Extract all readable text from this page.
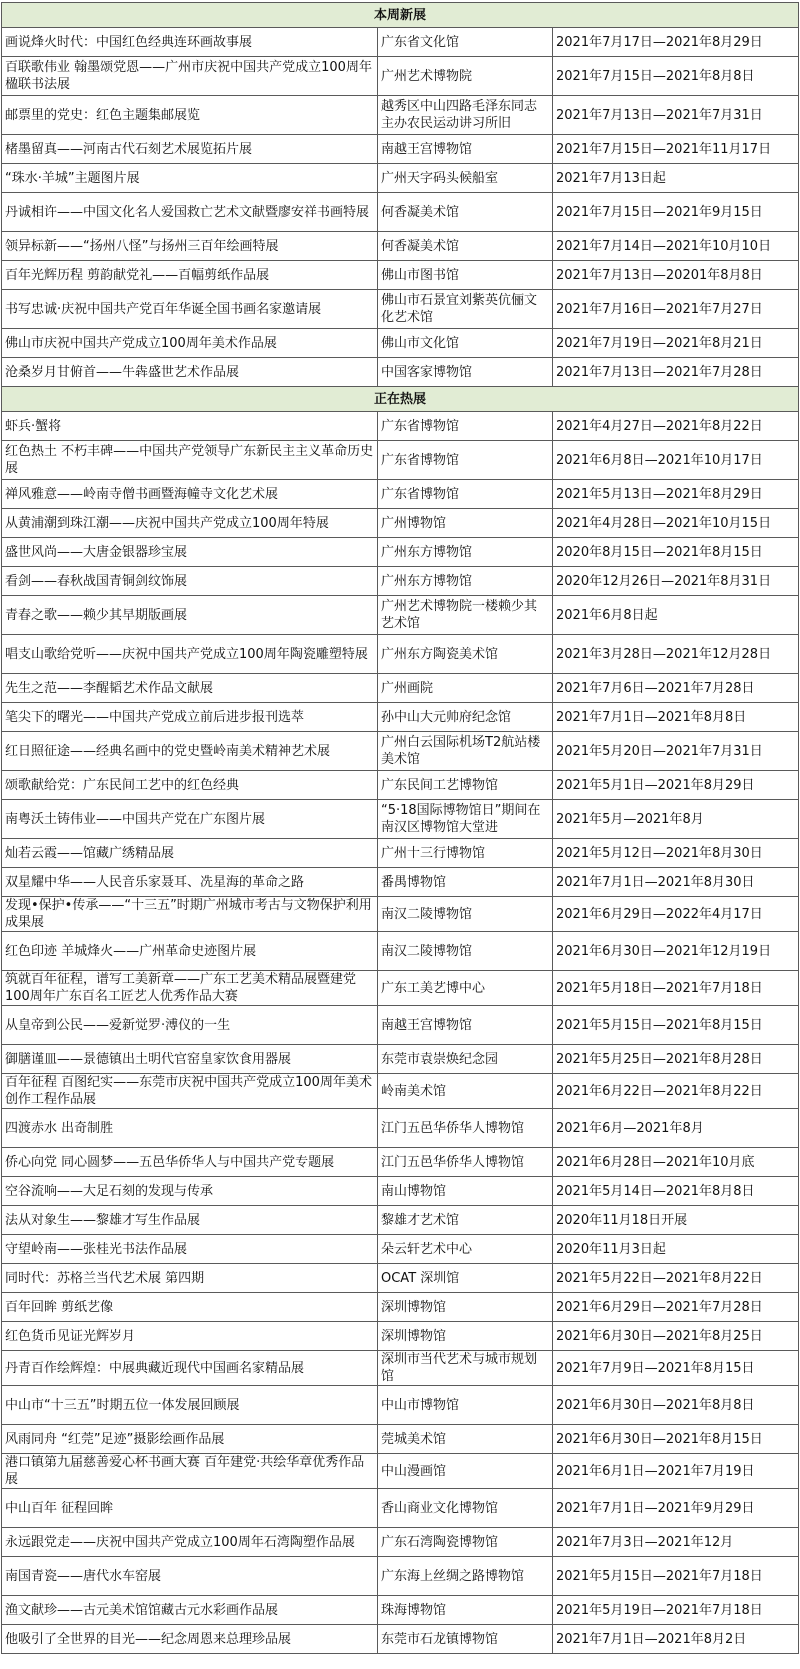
本周新展		
画说烽火时代：中国红色经典连环画故事展	广东省文化馆	2021年7月17日—2021年8月29日
百联歌伟业 翰墨颂党恩——广州市庆祝中国共产党成立100周年楹联书法展	广州艺术博物院	2021年7月15日—2021年8月8日
邮票里的党史：红色主题集邮展览	越秀区中山四路毛泽东同志主办农民运动讲习所旧	2021年7月13日—2021年7月31日
楮墨留真——河南古代石刻艺术展览拓片展	南越王宫博物馆	2021年7月15日—2021年11月17日
“珠水·羊城”主题图片展	广州天字码头候船室	2021年7月13日起
丹诚相许——中国文化名人爱国救亡艺术文献暨廖安祥书画特展	何香凝美术馆	2021年7月15日—2021年9月15日
领异标新——“扬州八怪”与扬州三百年绘画特展	何香凝美术馆	2021年7月14日—2021年10月10日
百年光辉历程 剪韵献党礼——百幅剪纸作品展	佛山市图书馆	2021年7月13日—20201年8月8日
书写忠诚·庆祝中国共产党百年华诞全国书画名家邀请展	佛山市石景宜刘紫英伉俪文化艺术馆	2021年7月16日—2021年7月27日
佛山市庆祝中国共产党成立100周年美术作品展	佛山市文化馆	2021年7月19日—2021年8月21日
沧桑岁月甘俯首——牛犇盛世艺术作品展	中国客家博物馆	2021年7月13日—2021年7月28日
正在热展		
虾兵·蟹将	广东省博物馆	2021年4月27日—2021年8月22日
红色热土 不朽丰碑——中国共产党领导广东新民主主义革命历史展	广东省博物馆	2021年6月8日—2021年10月17日
禅风雅意——岭南寺僧书画暨海幢寺文化艺术展	广东省博物馆	2021年5月13日—2021年8月29日
从黄浦潮到珠江潮——庆祝中国共产党成立100周年特展	广州博物馆	2021年4月28日—2021年10月15日
盛世风尚——大唐金银器珍宝展	广州东方博物馆	2020年8月15日—2021年8月15日
看剑——春秋战国青铜剑纹饰展	广州东方博物馆	2020年12月26日—2021年8月31日
青春之歌——赖少其早期版画展	广州艺术博物院一楼赖少其艺术馆	2021年6月8日起
唱支山歌给党听——庆祝中国共产党成立100周年陶瓷雕塑特展	广州东方陶瓷美术馆	2021年3月28日—2021年12月28日
先生之范——李醒韬艺术作品文献展	广州画院	2021年7月6日—2021年7月28日
笔尖下的曙光——中国共产党成立前后进步报刊选萃	孙中山大元帅府纪念馆	2021年7月1日—2021年8月8日
红日照征途——经典名画中的党史暨岭南美术精神艺术展	广州白云国际机场T2航站楼美术馆	2021年5月20日—2021年7月31日
颂歌献给党：广东民间工艺中的红色经典	广东民间工艺博物馆	2021年5月1日—2021年8月29日
南粤沃土铸伟业——中国共产党在广东图片展	“5·18国际博物馆日”期间在南汉区博物馆大堂进	2021年5月—2021年8月
灿若云霞——馆藏广绣精品展	广州十三行博物馆	2021年5月12日—2021年8月30日
双星耀中华——人民音乐家聂耳、冼星海的革命之路	番禺博物馆	2021年7月1日—2021年8月30日
发现•保护•传承——“十三五”时期广州城市考古与文物保护利用成果展	南汉二陵博物馆	2021年6月29日—2022年4月17日
红色印迹 羊城烽火——广州革命史迹图片展	南汉二陵博物馆	2021年6月30日—2021年12月19日
筑就百年征程，谱写工美新章——广东工艺美术精品展暨建党100周年广东百名工匠艺人优秀作品大赛	广东工美艺博中心	2021年5月18日—2021年7月18日
从皇帝到公民——爱新觉罗·溥仪的一生	南越王宫博物馆	2021年5月15日—2021年8月15日
御膳谨皿——景德镇出土明代官窑皇家饮食用器展	东莞市袁崇焕纪念园	2021年5月25日—2021年8月28日
百年征程 百图纪实——东莞市庆祝中国共产党成立100周年美术创作工程作品展	岭南美术馆	2021年6月22日—2021年8月22日
四渡赤水 出奇制胜	江门五邑华侨华人博物馆	2021年6月—2021年8月
侨心向党 同心圆梦——五邑华侨华人与中国共产党专题展	江门五邑华侨华人博物馆	2021年6月28日—2021年10月底
空谷流响——大足石刻的发现与传承	南山博物馆	2021年5月14日—2021年8月8日
法从对象生——黎雄才写生作品展	黎雄才艺术馆	2020年11月18日开展
守望岭南——张桂光书法作品展	朵云轩艺术中心	2020年11月3日起
同时代：苏格兰当代艺术展 第四期	OCAT 深圳馆	2021年5月22日—2021年8月22日
百年回眸 剪纸艺像	深圳博物馆	2021年6月29日—2021年7月28日
红色货币见证光辉岁月	深圳博物馆	2021年6月30日—2021年8月25日
丹青百作绘辉煌：中展典藏近现代中国画名家精品展	深圳市当代艺术与城市规划馆	2021年7月9日—2021年8月15日
中山市“十三五”时期五位一体发展回顾展	中山市博物馆	2021年6月30日—2021年8月8日
风雨同舟 “红莞”足迹”摄影绘画作品展	莞城美术馆	2021年6月30日—2021年8月15日
港口镇第九届慈善爱心杯书画大赛 百年建党·共绘华章优秀作品展	中山漫画馆	2021年6月1日—2021年7月19日
中山百年 征程回眸	香山商业文化博物馆	2021年7月1日—2021年9月29日
永远跟党走——庆祝中国共产党成立100周年石湾陶塑作品展	广东石湾陶瓷博物馆	2021年7月3日—2021年12月
南国青瓷——唐代水车窑展	广东海上丝绸之路博物馆	2021年5月15日—2021年7月18日
渔文献珍——古元美术馆馆藏古元水彩画作品展	珠海博物馆	2021年5月19日—2021年7月18日
他吸引了全世界的目光——纪念周恩来总理珍品展	东莞市石龙镇博物馆	2021年7月1日—2021年8月2日
